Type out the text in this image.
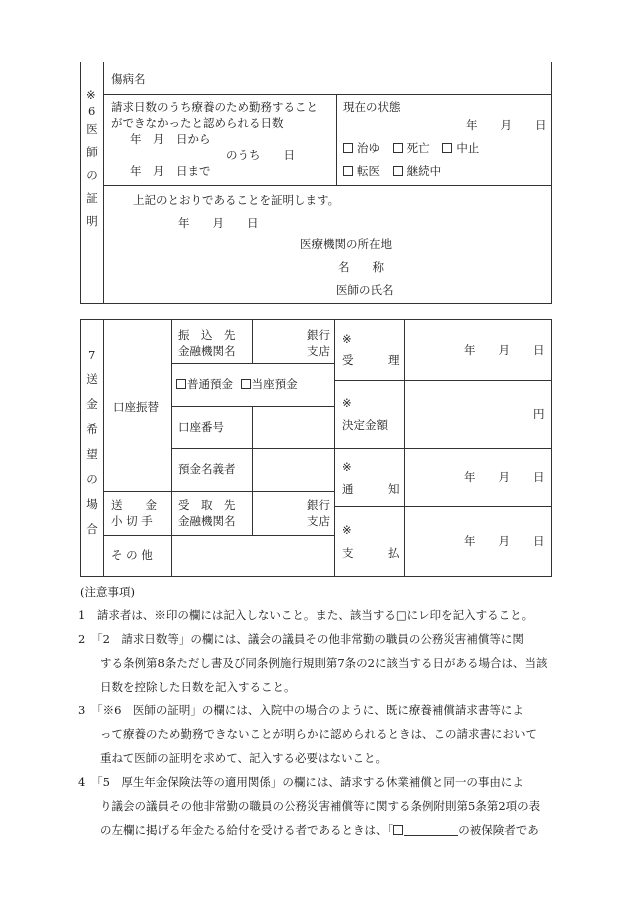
※
6
医
師
の
証
明
傷病名
請求日数のうち療養のため勤務すること
ができなかったと認められる日数
年　月　日から
のうち　　日
年　月　日まで
現在の状態
年　　月　　日
治ゆ 死亡 中止
転医 継続中
上記のとおりであることを証明します。
年　　月　　日
医療機関の所在地
名　　称
医師の氏名
7
送
金
希
望
の
場
合
口座振替
送　　金
小 切 手
そ の 他
振　込　先
金融機関名
銀行
支店
普通預金 当座預金
口座番号
預金名義者
受　取　先
金融機関名
銀行
支店
※
受　　　理
年　　月　　日
※
決定金額
円
※
通　　　知
年　　月　　日
※
支　　　払
年　　月　　日
(注意事項)
1　請求者は、※印の欄には記入しないこと。また、該当する□にレ印を記入すること。
2　「2　請求日数等」の欄には、議会の議員その他非常勤の職員の公務災害補償等に関
する条例第8条ただし書及び同条例施行規則第7条の2に該当する日がある場合は、当該
日数を控除した日数を記入すること。
3　「※6　医師の証明」の欄には、入院中の場合のように、既に療養補償請求書等によ
って療養のため勤務できないことが明らかに認められるときは、この請求書において
重ねて医師の証明を求めて、記入する必要はないこと。
4　「5　厚生年金保険法等の適用関係」の欄には、請求する休業補償と同一の事由によ
り議会の議員その他非常勤の職員の公務災害補償等に関する条例附則第5条第2項の表
の左欄に掲げる年金たる給付を受ける者であるときは、「	の被保険者であ
